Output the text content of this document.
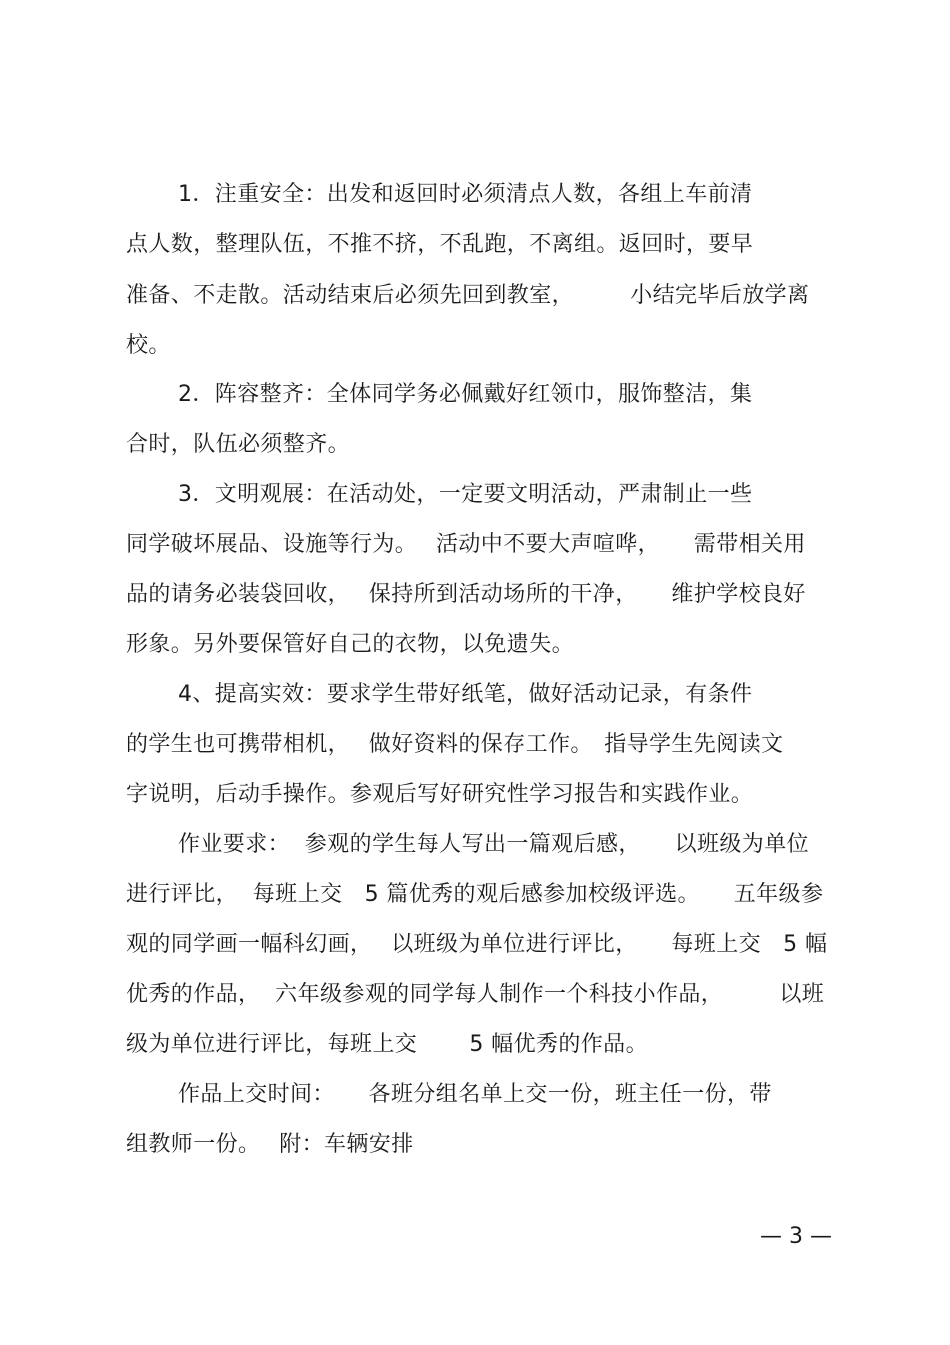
1．注重安全：出发和返回时必须清点人数，各组上车前清
点人数，整理队伍，不推不挤，不乱跑，不离组。返回时，要早
准备、不走散。活动结束后必须先回到教室，　　　小结完毕后放学离
校。
2．阵容整齐：全体同学务必佩戴好红领巾，服饰整洁，集
合时，队伍必须整齐。
3．文明观展：在活动处，一定要文明活动，严肃制止一些
同学破坏展品、设施等行为。　 活动中不要大声喧哗，　　需带相关用
品的请务必装袋回收，　 保持所到活动场所的干净，　　维护学校良好
形象。另外要保管好自己的衣物，以免遗失。
4、提高实效：要求学生带好纸笔，做好活动记录，有条件
的学生也可携带相机，　 做好资料的保存工作。　指导学生先阅读文
字说明，后动手操作。参观后写好研究性学习报告和实践作业。
作业要求：  参观的学生每人写出一篇观后感，　　以班级为单位
进行评比，  每班上交   5 篇优秀的观后感参加校级评选。　　五年级参
观的同学画一幅科幻画，　 以班级为单位进行评比，　　每班上交   5 幅
优秀的作品，  六年级参观的同学每人制作一个科技小作品，　　　以班
级为单位进行评比，每班上交　　 5 幅优秀的作品。
作品上交时间：　　各班分组名单上交一份，班主任一份，带
组教师一份。　 附：车辆安排
— 3 —
